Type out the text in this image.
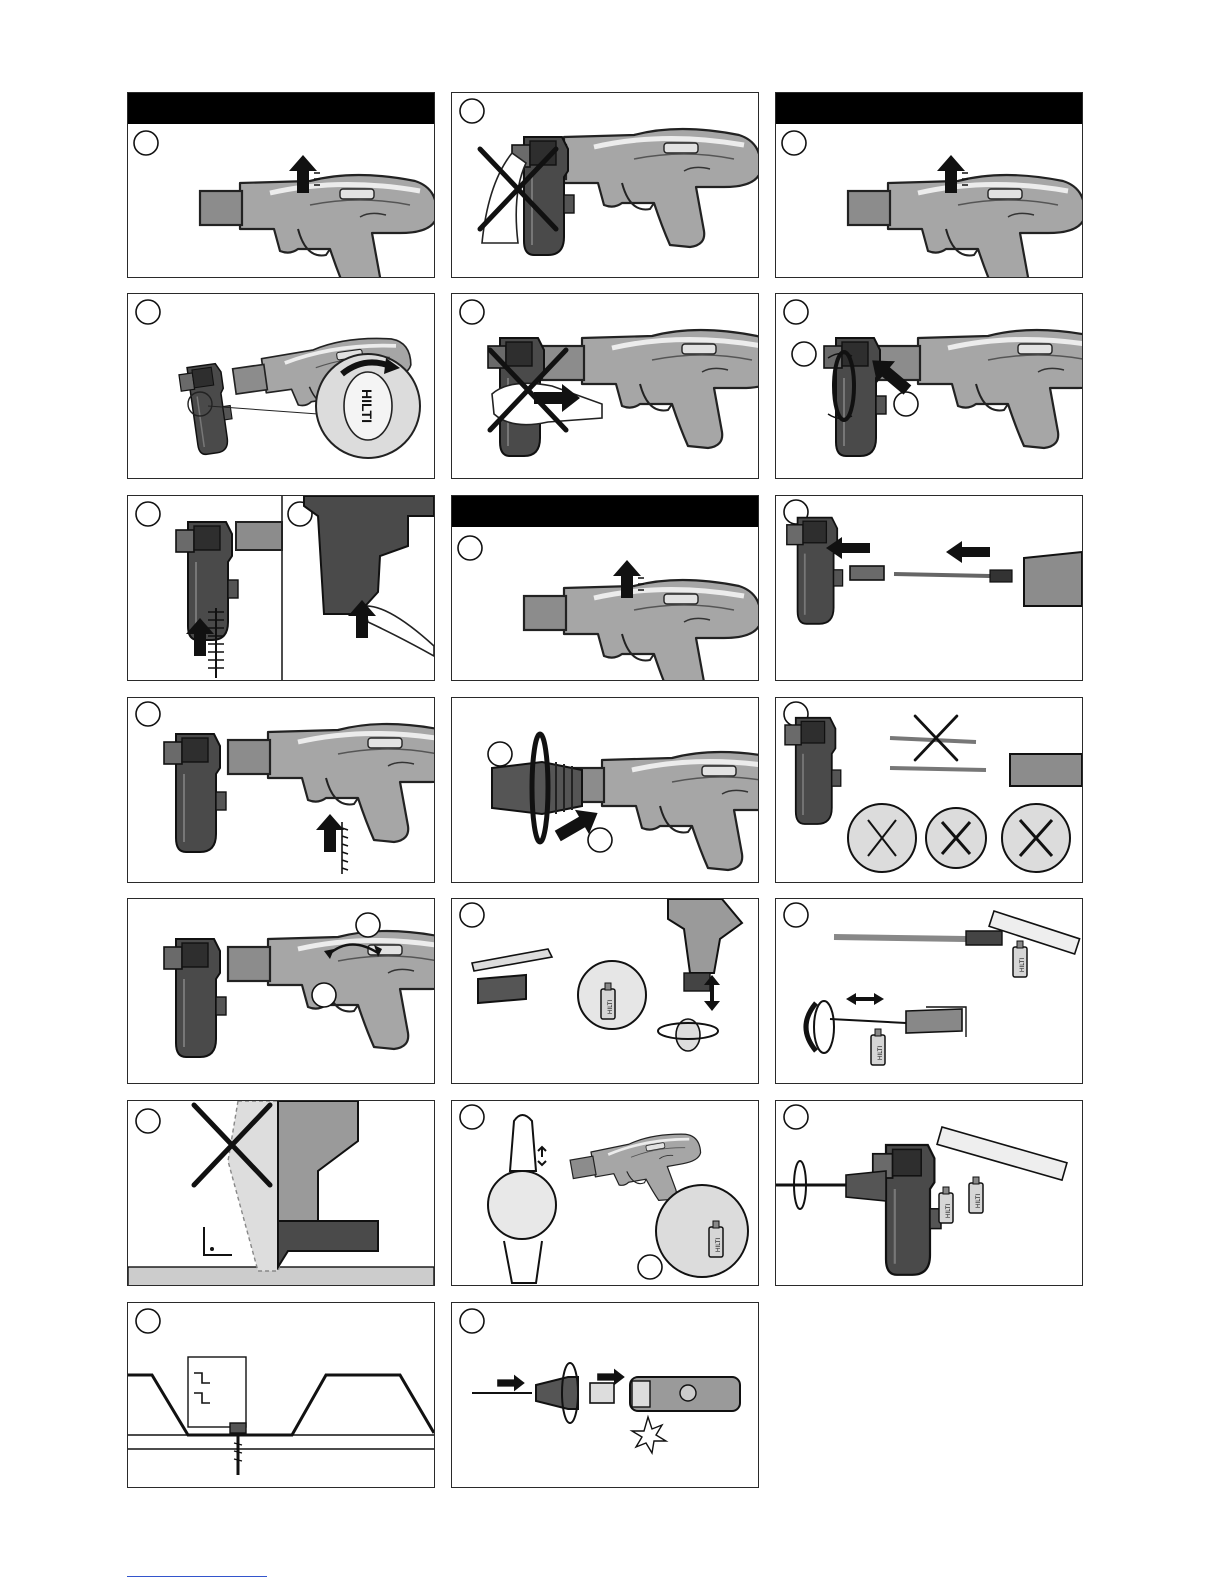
HILTI
